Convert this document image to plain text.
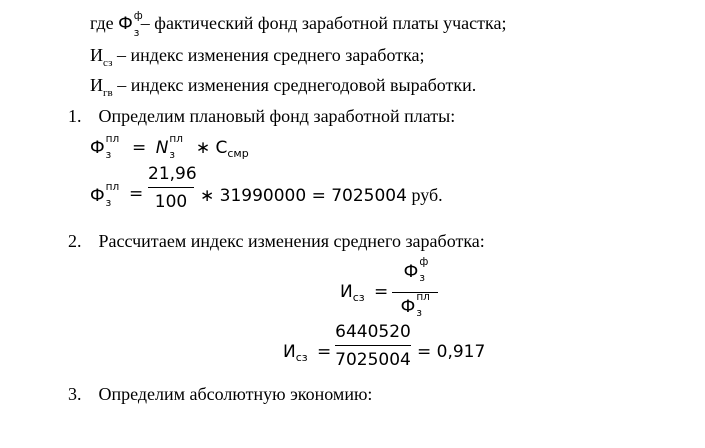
где Ф ф
з – фактический фонд заработной платы участка;
$И_{сз}$ – индекс изменения среднего заработка;
$И_{гв}$ – индекс изменения среднегодовой выработки.
1. Определим плановый фонд заработной платы:
Ф пл
з = N пл
з ∗ $С_{смр}$
Ф пл
з =
21,96
100 ∗ 31990000 = 7025004 руб.
2. Рассчитаем индекс изменения среднего заработка:
$И_{сз}$ =
Ф ф
з
Ф пл
з
$И_{сз}$ =
6440520
7025004 = 0,917
3. Определим абсолютную экономию:
